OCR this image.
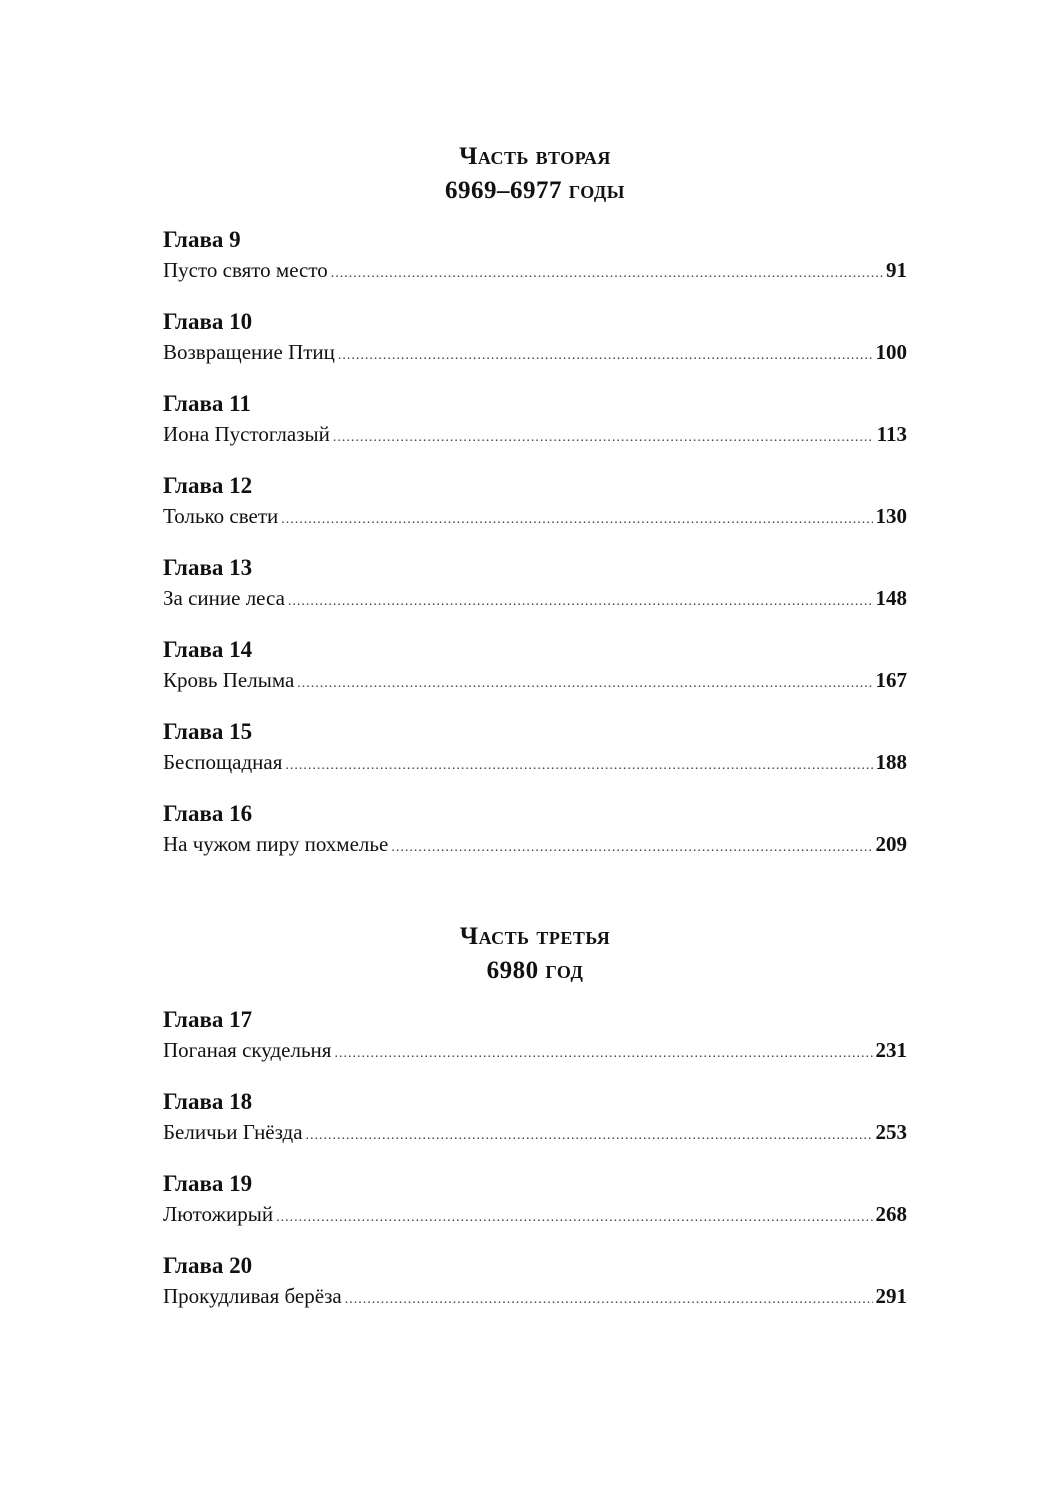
Часть вторая
6969–6977 годы
Глава 9
Пусто свято место .....	91
Глава 10
Возвращение Птиц .....	100
Глава 11
Иона Пустоглазый .....	113
Глава 12
Только свети .....	130
Глава 13
За синие леса .....	148
Глава 14
Кровь Пелыма .....	167
Глава 15
Беспощадная .....	188
Глава 16
На чужом пиру похмелье .....	209
Часть третья
6980 год
Глава 17
Поганая скудельня .....	231
Глава 18
Беличьи Гнёзда .....	253
Глава 19
Лютожирый .....	268
Глава 20
Прокудливая берёза .....	291
